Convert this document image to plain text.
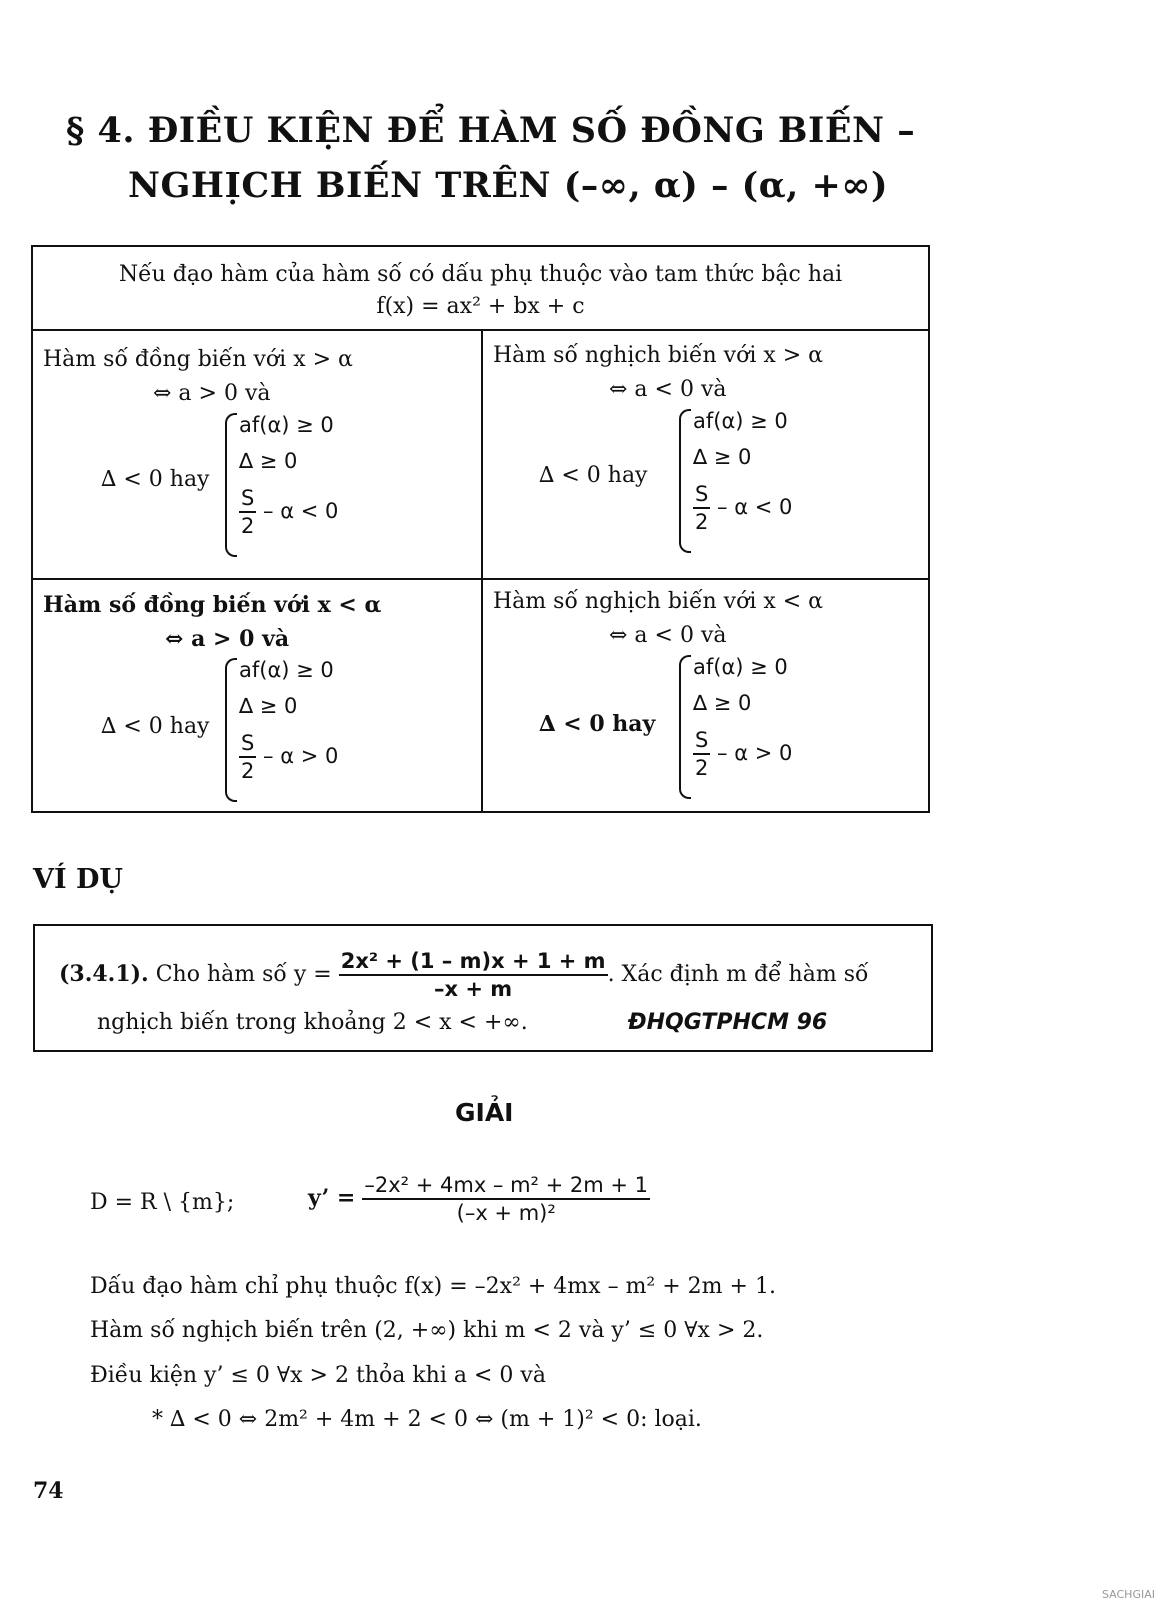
§ 4. ĐIỀU KIỆN ĐỂ HÀM SỐ ĐỒNG BIẾN –
NGHỊCH BIẾN TRÊN (–∞, α) – (α, +∞)
Nếu đạo hàm của hàm số có dấu phụ thuộc vào tam thức bậc hai
f(x) = ax² + bx + c
Hàm số đồng biến với x > α
⇔ a > 0 và
∆ < 0 hay
af(α) ≥ 0
∆ ≥ 0
$\frac{S}{2} - \alpha < 0$
Hàm số nghịch biến với x > α
⇔ a < 0 và
∆ < 0 hay
af(α) ≥ 0
∆ ≥ 0
$\frac{S}{2} - \alpha < 0$
Hàm số đồng biến với x < α
⇔ a > 0 và
∆ < 0 hay
af(α) ≥ 0
∆ ≥ 0
$\frac{S}{2} - \alpha > 0$
Hàm số nghịch biến với x < α
⇔ a < 0 và
∆ < 0 hay
af(α) ≥ 0
∆ ≥ 0
$\frac{S}{2} - \alpha > 0$
VÍ DỤ
(3.4.1). Cho hàm số $y = \frac{\text{2x² + (1 – m)x + 1 + m}}{-x + m}$ . Xác định m để hàm số
nghịch biến trong khoảng 2 < x < +∞.	ĐHQGTPHCM 96
GIẢI
D = R \ {m};	y’ = $\frac{\text{–2x² + 4mx – m² + 2m + 1}}{\text{(–x + m)²}}$
Dấu đạo hàm chỉ phụ thuộc f(x) = –2x² + 4mx – m² + 2m + 1.
Hàm số nghịch biến trên (2, +∞) khi m < 2 và y’ ≤ 0 ∀x > 2.
Điều kiện y’ ≤ 0 ∀x > 2 thỏa khi a < 0 và
* ∆ < 0 ⇔ 2m² + 4m + 2 < 0 ⇔ (m + 1)² < 0: loại.
74
SACHGIAI
